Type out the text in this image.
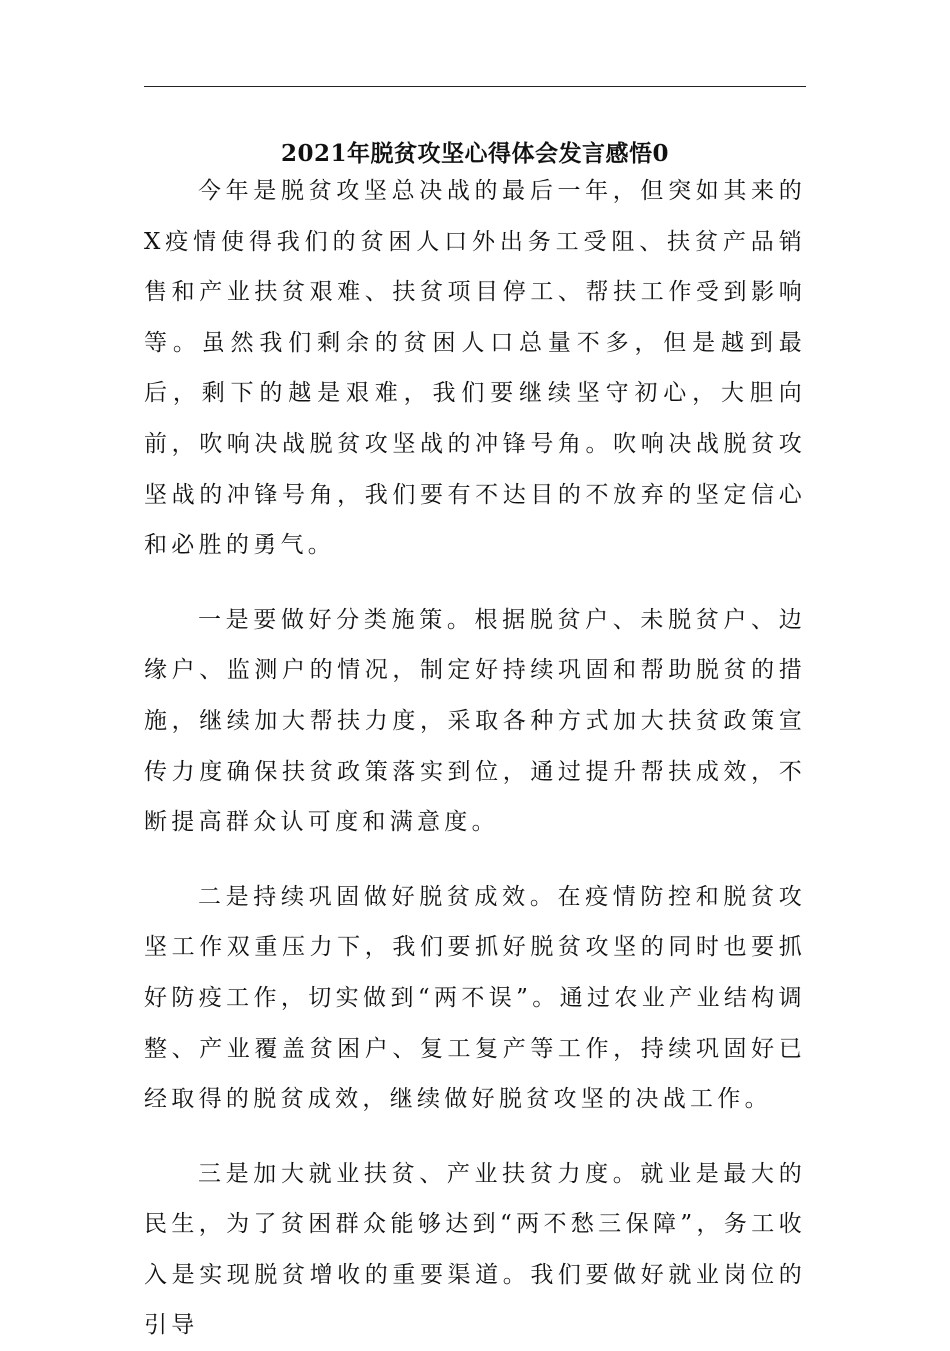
2021年脱贫攻坚心得体会发言感悟0

今年是脱贫攻坚总决战的最后一年，但突如其来的X疫情使得我们的贫困人口外出务工受阻、扶贫产品销售和产业扶贫艰难、扶贫项目停工、帮扶工作受到影响等。虽然我们剩余的贫困人口总量不多，但是越到最后，剩下的越是艰难，我们要继续坚守初心，大胆向前，吹响决战脱贫攻坚战的冲锋号角。吹响决战脱贫攻坚战的冲锋号角，我们要有不达目的不放弃的坚定信心和必胜的勇气。

一是要做好分类施策。根据脱贫户、未脱贫户、边缘户、监测户的情况，制定好持续巩固和帮助脱贫的措施，继续加大帮扶力度，采取各种方式加大扶贫政策宣传力度确保扶贫政策落实到位，通过提升帮扶成效，不断提高群众认可度和满意度。

二是持续巩固做好脱贫成效。在疫情防控和脱贫攻坚工作双重压力下，我们要抓好脱贫攻坚的同时也要抓好防疫工作，切实做到“两不误”。通过农业产业结构调整、产业覆盖贫困户、复工复产等工作，持续巩固好已经取得的脱贫成效，继续做好脱贫攻坚的决战工作。

三是加大就业扶贫、产业扶贫力度。就业是最大的民生，为了贫困群众能够达到“两不愁三保障”，务工收入是实现脱贫增收的重要渠道。我们要做好就业岗位的引导
